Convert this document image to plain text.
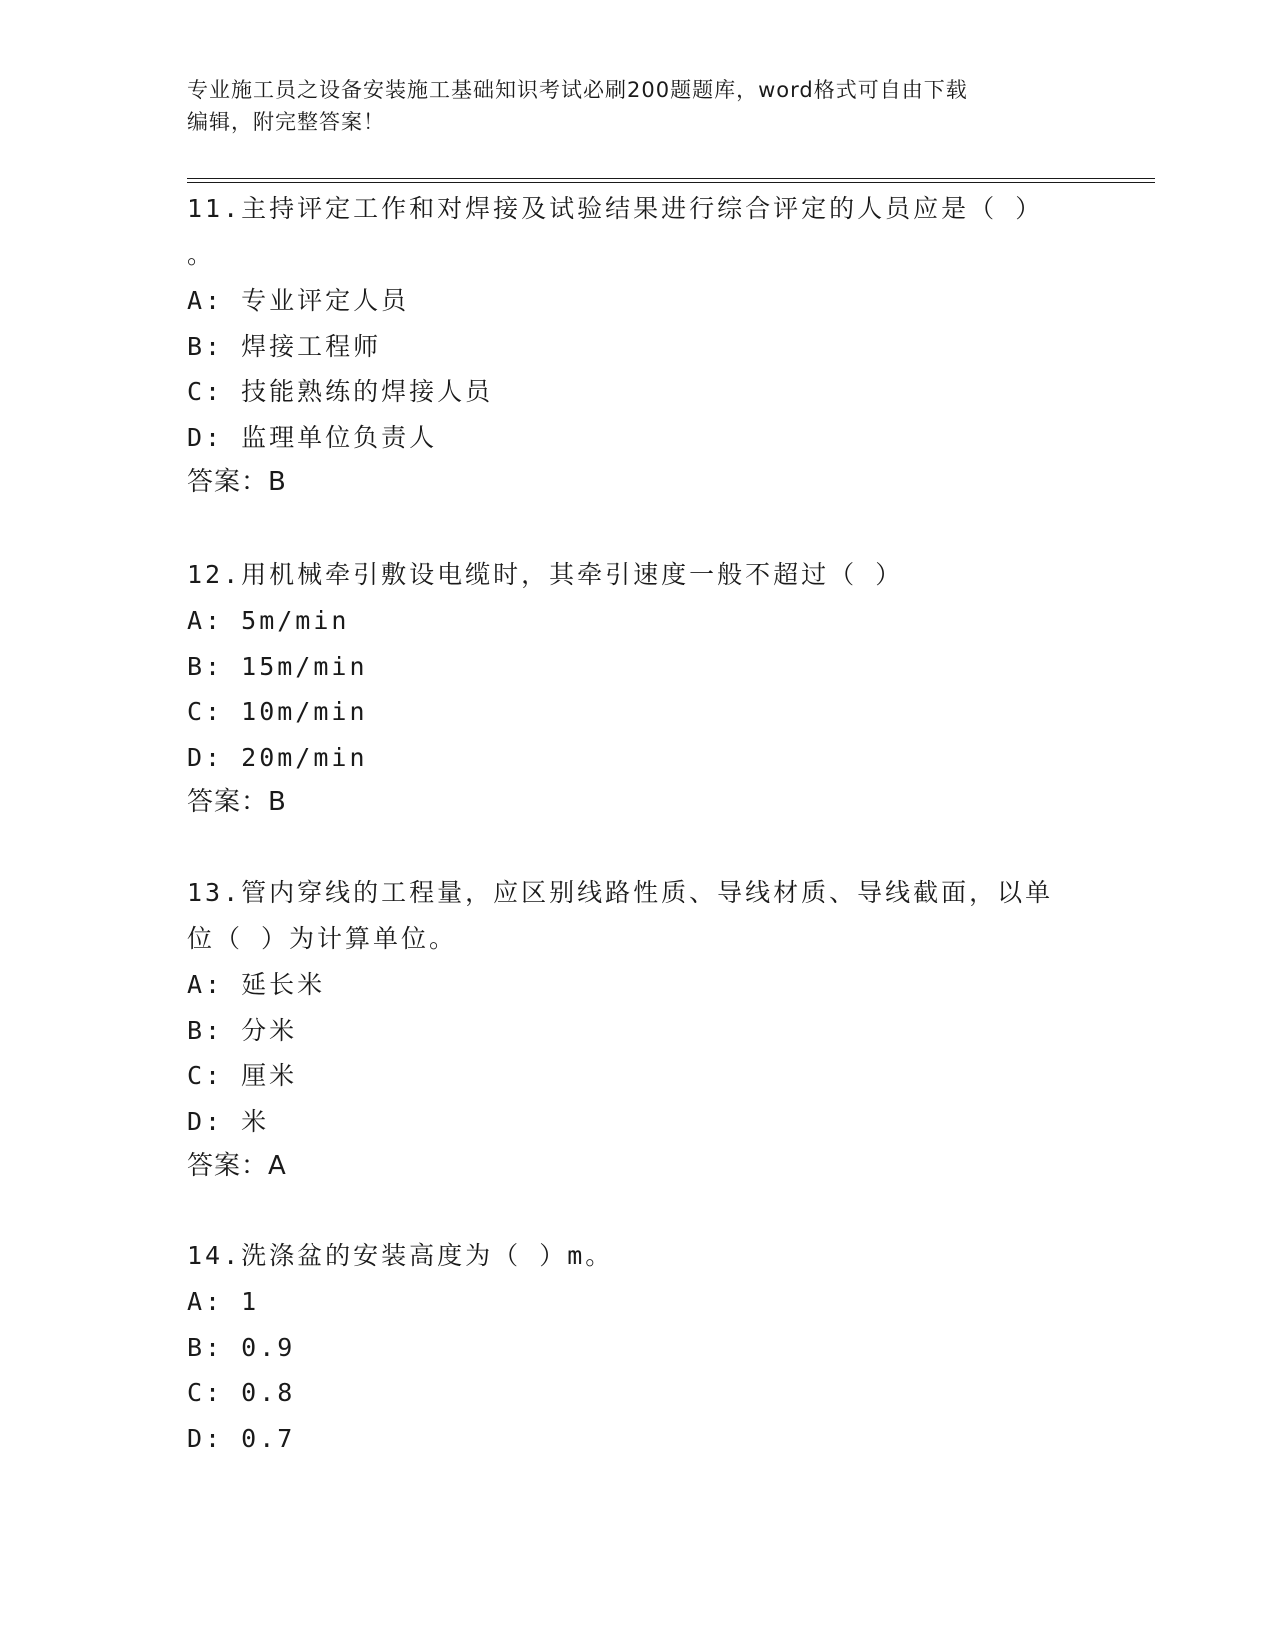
专业施工员之设备安装施工基础知识考试必刷200题题库，word格式可自由下载
编辑，附完整答案！
11.主持评定工作和对焊接及试验结果进行综合评定的人员应是（ ）
。
A: 专业评定人员
B: 焊接工程师
C: 技能熟练的焊接人员
D: 监理单位负责人
答案：B
12.用机械牵引敷设电缆时，其牵引速度一般不超过（ ）
A: 5m/min
B: 15m/min
C: 10m/min
D: 20m/min
答案：B
13.管内穿线的工程量，应区别线路性质、导线材质、导线截面，以单
位（ ）为计算单位。
A: 延长米
B: 分米
C: 厘米
D: 米
答案：A
14.洗涤盆的安装高度为（ ）m。
A: 1
B: 0.9
C: 0.8
D: 0.7
